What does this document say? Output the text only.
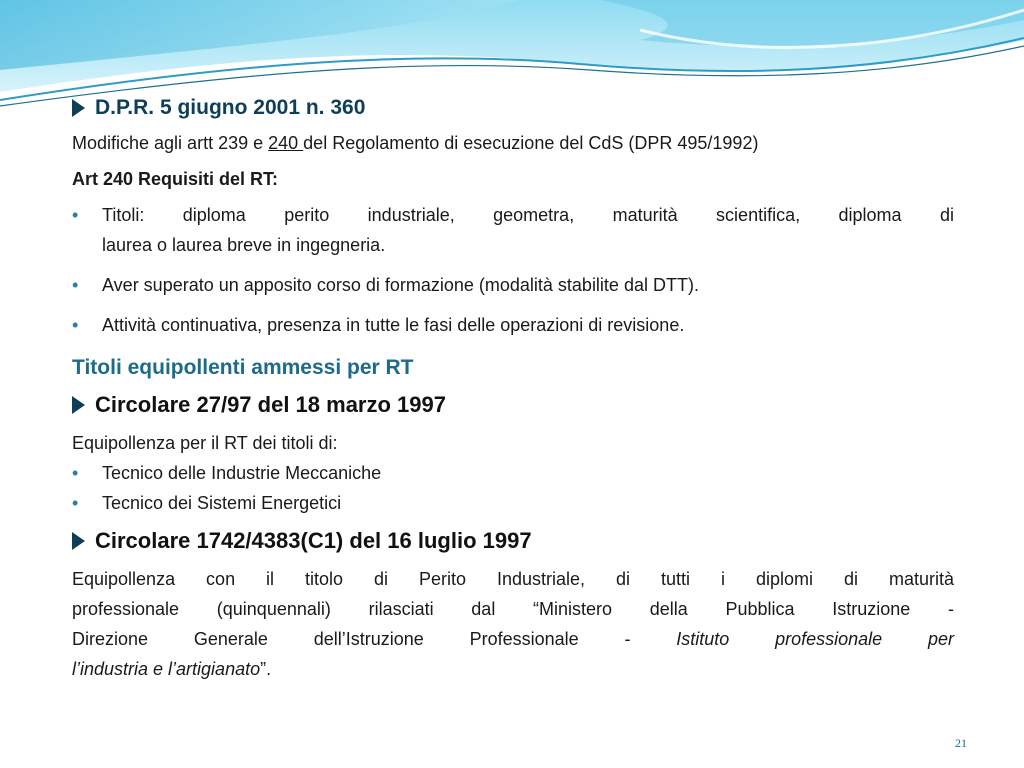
D.P.R. 5 giugno 2001 n. 360
Modifiche agli artt 239 e 240 del Regolamento di esecuzione del CdS (DPR 495/1992)
Art 240 Requisiti del RT:
• Titoli: diploma perito industriale, geometra, maturità scientifica, diploma di
laurea o laurea breve in ingegneria.
• Aver superato un apposito corso di formazione (modalità stabilite dal DTT).
• Attività continuativa, presenza in tutte le fasi delle operazioni di revisione.
Titoli equipollenti ammessi per RT
Circolare 27/97 del 18 marzo 1997
Equipollenza per il RT dei titoli di:
• Tecnico delle Industrie Meccaniche
• Tecnico dei Sistemi Energetici
Circolare 1742/4383(C1) del 16 luglio 1997
Equipollenza con il titolo di Perito Industriale, di tutti i diplomi di maturità
professionale (quinquennali) rilasciati dal “Ministero della Pubblica Istruzione -
Direzione Generale dell’Istruzione Professionale - Istituto professionale per
l’industria e l’artigianato”.
21
